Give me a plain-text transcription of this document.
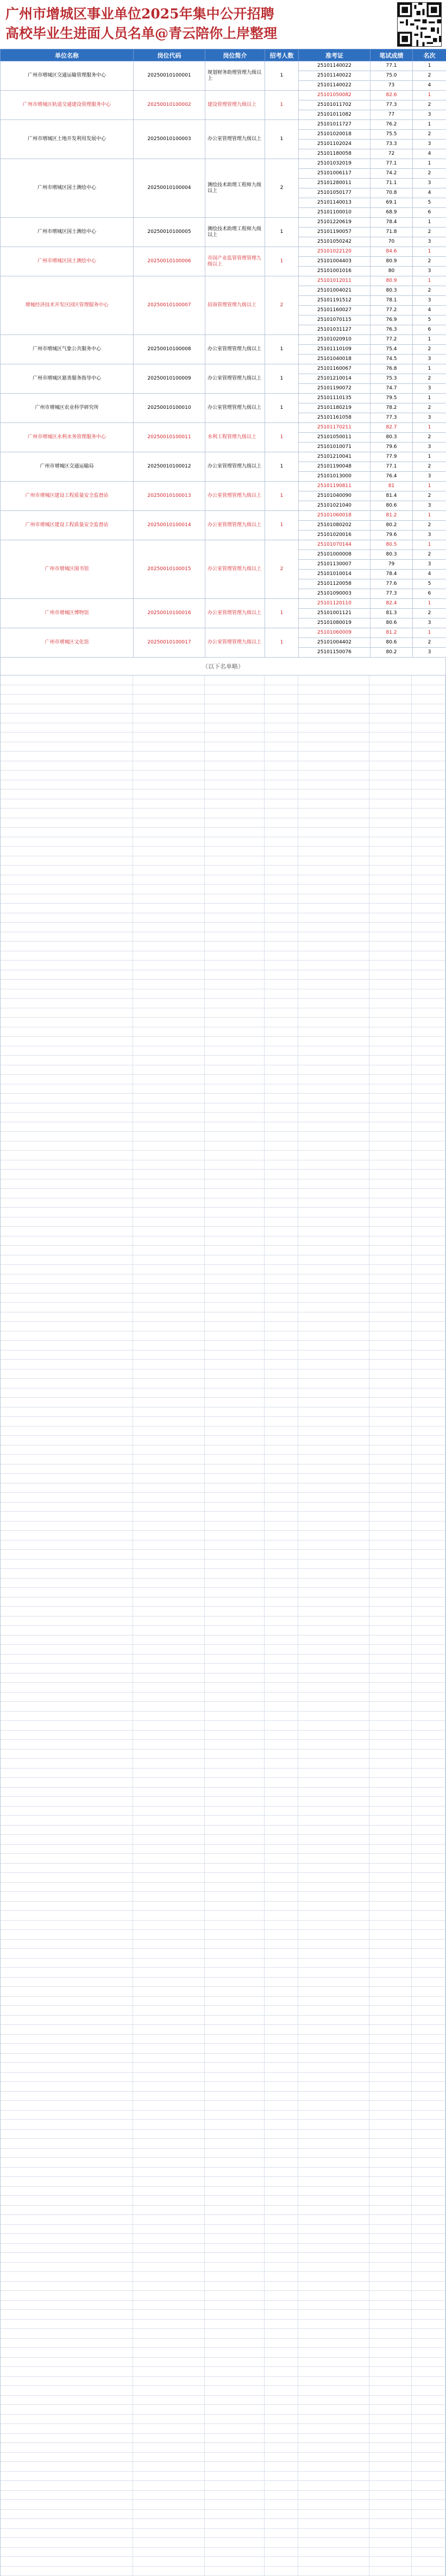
广州市增城区事业单位2025年集中公开招聘
高校毕业生进面人员名单@青云陪你上岸整理
单位名称	岗位代码	岗位简介	招考人数	准考证	笔试成绩	名次
广州市增城区交通运输管理服务中心	20250010100001	规划财务助理管理九级以上	1	25101140022	77.1	1
				25101140022	75.0	2
				25101140022	73	4
广州市增城区轨道交通建设管理服务中心	20250010100002	建设管理管理九级以上	1	25101050082	82.6	1
				25101011702	77.3	2
				25101011082	77	3
广州市增城区土地开发利用发展中心	20250010100003	办公室管理管理九级以上	1	25101011727	76.2	1
				25101020018	75.5	2
				25101102024	73.3	3
				25101180058	72	4
广州市增城区国土测绘中心	20250010100004	测绘技术助理工程师九级以上	2	25101032019	77.1	1
				25101006117	74.2	2
				25101280011	71.1	3
				25101050177	70.8	4
				25101140013	69.1	5
				25101100010	68.9	6
广州市增城区国土测绘中心	20250010100005	测绘技术助理工程师九级以上	1	25101220619	78.4	1
				25101190057	71.8	2
				25101050242	70	3
广州市增城区国土测绘中心	20250010100006	市国产业监管管理管理九级以上	1	25101022120	84.6	1
				25101004403	80.9	2
				25101001016	80	3
增城经济技术开发区园区管理服务中心	20250010100007	招商管理管理九级以上	2	25101012011	80.9	1
				25101004021	80.3	2
				25101191512	78.1	3
				25101160027	77.2	4
				25101070115	76.9	5
				25101031127	76.3	6
广州市增城区气象公共服务中心	20250010100008	办公室管理管理九级以上	1	25101020910	77.2	1
				25101110109	75.4	2
				25101040018	74.5	3
广州市增城区慈善服务指导中心	20250010100009	办公室管理管理九级以上	1	25101160067	76.8	1
				25101210014	75.3	2
				25101190072	74.7	3
广州市增城区农业科学研究所	20250010100010	办公室管理管理九级以上	1	25101110135	79.5	1
				25101180219	78.2	2
				25101161058	77.3	3
广州市增城区水利水务管理服务中心	20250010100011	水利工程管理九级以上	1	25101170211	82.7	1
				25101050011	80.3	2
				25101010071	79.6	3
广州市增城区交通运输局	20250010100012	办公室管理管理九级以上	1	25101210041	77.9	1
				25101190048	77.1	2
				25101013000	76.4	3
广州市增城区建设工程质量安全监督站	20250010100013	办公室管理管理九级以上	1	25101190811	81	1
				25101040090	81.4	2
				25101021040	80.6	3
广州市增城区建设工程质量安全监督站	20250010100014	办公室管理管理九级以上	1	25101060018	81.2	1
				25101080202	80.2	2
				25101020016	79.6	3
广州市增城区图书馆	20250010100015	办公室管理管理九级以上	2	25101070144	80.5	1
				25101000008	80.3	2
				25101130007	79	3
				25101010014	78.4	4
				25101120058	77.6	5
				25101090003	77.3	6
广州市增城区博物馆	20250010100016	办公室管理管理九级以上	1	25101120110	82.4	1
				25101001121	81.3	2
				25101080019	80.6	3
广州市增城区文化馆	20250010100017	办公室管理管理九级以上	1	25101060009	81.2	1
				25101004402	80.6	2
				25101150076	80.2	3
（以下名单略）
